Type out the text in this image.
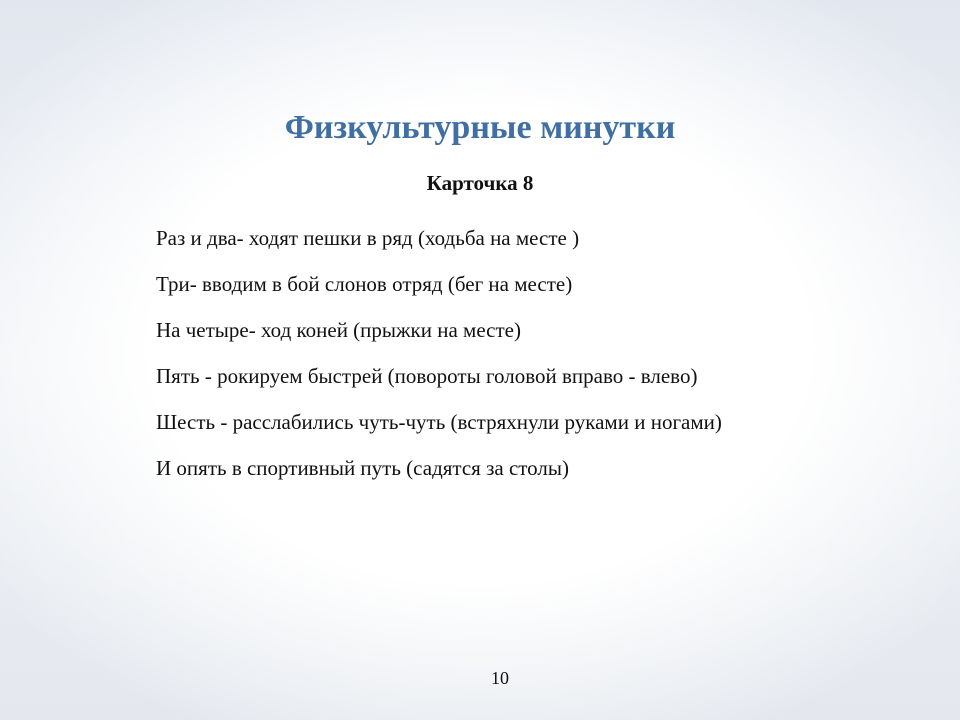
Физкультурные минутки
Карточка 8
Раз и два- ходят пешки в ряд (ходьба на месте )
Три- вводим в бой слонов отряд (бег на месте)
На четыре- ход коней (прыжки на месте)
Пять - рокируем быстрей (повороты головой вправо - влево)
Шесть - расслабились чуть-чуть (встряхнули руками и ногами)
И опять в спортивный путь (садятся за столы)
10
